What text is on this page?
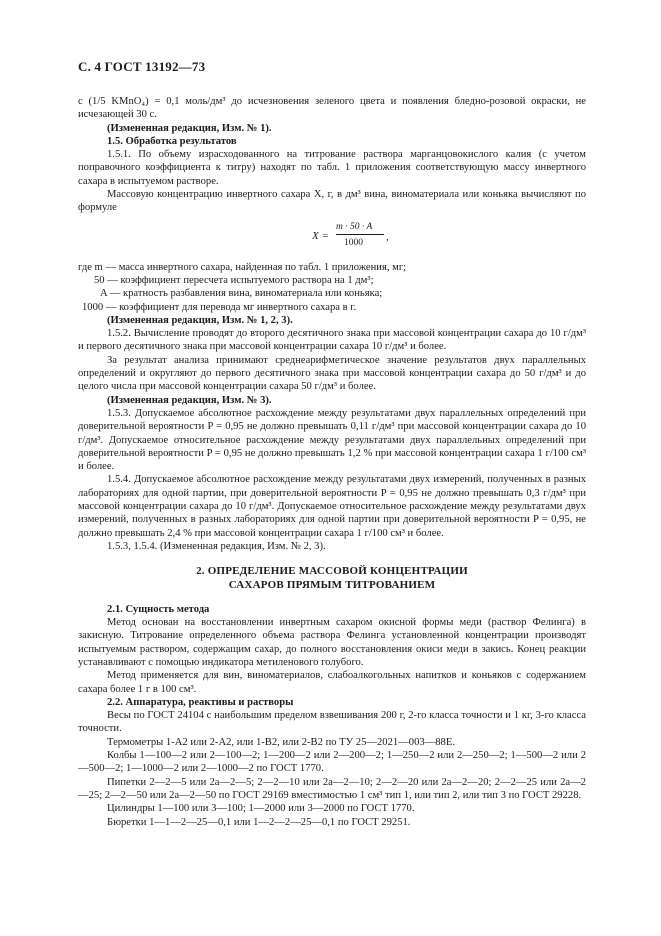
С. 4 ГОСТ 13192—73

с (1/5 KMnO₄) = 0,1 моль/дм³ до исчезновения зеленого цвета и появления бледно-розовой окраски, не исчезающей 30 с.

(Измененная редакция, Изм. № 1).

1.5. Обработка результатов

1.5.1. По объему израсходованного на титрование раствора марганцовокислого калия (с учетом поправочного коэффициента к титру) находят по табл. 1 приложения соответствующую массу инвертного сахара в испытуемом растворе.

Массовую концентрацию инвертного сахара X, г, в дм³ вина, виноматериала или коньяка вычисляют по формуле

X =
m · 50 · A
1000 ,
где m — масса инвертного сахара, найденная по табл. 1 приложения, мг;
50 — коэффициент пересчета испытуемого раствора на 1 дм³;
A — кратность разбавления вина, виноматериала или коньяка;
1000 — коэффициент для перевода мг инвертного сахара в г.

(Измененная редакция, Изм. № 1, 2, 3).

1.5.2. Вычисление проводят до второго десятичного знака при массовой концентрации сахара до 10 г/дм³ и первого десятичного знака при массовой концентрации сахара 10 г/дм³ и более.

За результат анализа принимают среднеарифметическое значение результатов двух параллельных определений и округляют до первого десятичного знака при массовой концентрации сахара до 50 г/дм³ и до целого числа при массовой концентрации сахара 50 г/дм³ и более.

(Измененная редакция, Изм. № 3).

1.5.3. Допускаемое абсолютное расхождение между результатами двух параллельных определений при доверительной вероятности P = 0,95 не должно превышать 0,11 г/дм³ при массовой концентрации сахара до 10 г/дм³. Допускаемое относительное расхождение между результатами двух параллельных определений при доверительной вероятности P = 0,95 не должно превышать 1,2 % при массовой концентрации сахара 1 г/100 см³ и более.

1.5.4. Допускаемое абсолютное расхождение между результатами двух измерений, полученных в разных лабораториях для одной партии, при доверительной вероятности P = 0,95 не должно превышать 0,3 г/дм³ при массовой концентрации сахара до 10 г/дм³. Допускаемое относительное расхождение между результатами двух измерений, полученных в разных лабораториях для одной партии при доверительной вероятности P = 0,95, не должно превышать 2,4 % при массовой концентрации сахара 1 г/100 см³ и более.

1.5.3, 1.5.4. (Измененная редакция, Изм. № 2, 3).

2. ОПРЕДЕЛЕНИЕ МАССОВОЙ КОНЦЕНТРАЦИИ
САХАРОВ ПРЯМЫМ ТИТРОВАНИЕМ

2.1. Сущность метода

Метод основан на восстановлении инвертным сахаром окисной формы меди (раствор Фелинга) в закисную. Титрование определенного объема раствора Фелинга установленной концентрации производят испытуемым раствором, содержащим сахар, до полного восстановления окиси меди в закись. Конец реакции устанавливают с помощью индикатора метиленового голубого.

Метод применяется для вин, виноматериалов, слабоалкогольных напитков и коньяков с содержанием сахара более 1 г в 100 см³.

2.2. Аппаратура, реактивы и растворы

Весы по ГОСТ 24104 с наибольшим пределом взвешивания 200 г, 2-го класса точности и 1 кг, 3-го класса точности.

Термометры 1-А2 или 2-А2, или 1-В2, или 2-В2 по ТУ 25—2021—003—88Е.

Колбы 1—100—2 или 2—100—2; 1—200—2 или 2—200—2; 1—250—2 или 2—250—2; 1—500—2 или 2—500—2; 1—1000—2 или 2—1000—2 по ГОСТ 1770.

Пипетки 2—2—5 или 2а—2—5; 2—2—10 или 2а—2—10; 2—2—20 или 2а—2—20; 2—2—25 или 2а—2—25; 2—2—50 или 2а—2—50 по ГОСТ 29169 вместимостью 1 см³ тип 1, или тип 2, или тип 3 по ГОСТ 29228.

Цилиндры 1—100 или 3—100; 1—2000 или 3—2000 по ГОСТ 1770.

Бюретки 1—1—2—25—0,1 или 1—2—2—25—0,1 по ГОСТ 29251.
